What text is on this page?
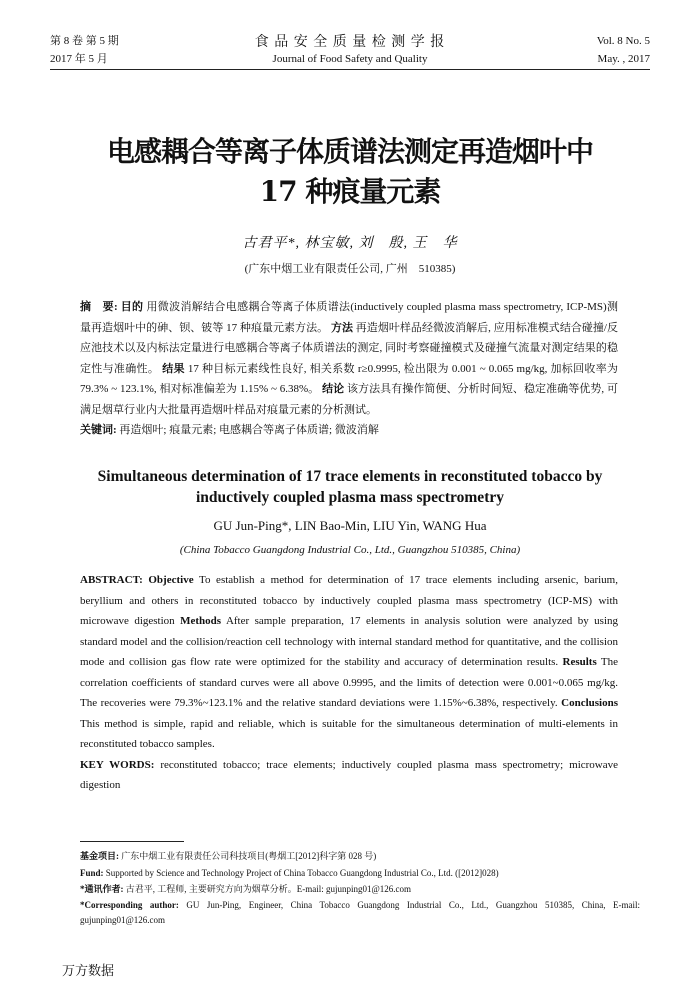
第 8 卷 第 5 期
2017 年 5 月
食 品 安 全 质 量 检 测 学 报
Journal of Food Safety and Quality
Vol. 8 No. 5
May. , 2017
电感耦合等离子体质谱法测定再造烟叶中
17 种痕量元素
古君平*, 林宝敏, 刘　殷, 王　华
(广东中烟工业有限责任公司, 广州　510385)
摘　要: 目的 用微波消解结合电感耦合等离子体质谱法(inductively coupled plasma mass spectrometry, ICP-MS)测量再造烟叶中的砷、钡、铍等 17 种痕量元素方法。 方法 再造烟叶样品经微波消解后, 应用标准模式结合碰撞/反应池技术以及内标法定量进行电感耦合等离子体质谱法的测定, 同时考察碰撞模式及碰撞气流量对测定结果的稳定性与准确性。 结果 17 种目标元素线性良好, 相关系数 r≥0.9995, 检出限为 0.001 ~ 0.065 mg/kg, 加标回收率为 79.3% ~ 123.1%, 相对标准偏差为 1.15% ~ 6.38%。 结论 该方法具有操作简便、分析时间短、稳定准确等优势, 可满足烟草行业内大批量再造烟叶样品对痕量元素的分析测试。
关键词: 再造烟叶; 痕量元素; 电感耦合等离子体质谱; 微波消解
Simultaneous determination of 17 trace elements in reconstituted tobacco by
inductively coupled plasma mass spectrometry
GU Jun-Ping*, LIN Bao-Min, LIU Yin, WANG Hua
(China Tobacco Guangdong Industrial Co., Ltd., Guangzhou 510385, China)
ABSTRACT: Objective To establish a method for determination of 17 trace elements including arsenic, barium, beryllium and others in reconstituted tobacco by inductively coupled plasma mass spectrometry (ICP-MS) with microwave digestion Methods After sample preparation, 17 elements in analysis solution were analyzed by using standard model and the collision/reaction cell technology with internal standard method for quantitative, and the collision mode and collision gas flow rate were optimized for the stability and accuracy of determination results. Results The correlation coefficients of standard curves were all above 0.9995, and the limits of detection were 0.001~0.065 mg/kg. The recoveries were 79.3%~123.1% and the relative standard deviations were 1.15%~6.38%, respectively. Conclusions This method is simple, rapid and reliable, which is suitable for the simultaneous determination of multi-elements in reconstituted tobacco samples.
KEY WORDS: reconstituted tobacco; trace elements; inductively coupled plasma mass spectrometry; microwave digestion
基金项目: 广东中烟工业有限责任公司科技项目(粤烟工[2012]科字第 028 号)
Fund: Supported by Science and Technology Project of China Tobacco Guangdong Industrial Co., Ltd. ([2012]028)
*通讯作者: 古君平, 工程师, 主要研究方向为烟草分析。E-mail: gujunping01@126.com
*Corresponding author: GU Jun-Ping, Engineer, China Tobacco Guangdong Industrial Co., Ltd., Guangzhou 510385, China, E-mail: gujunping01@126.com
万方数据
